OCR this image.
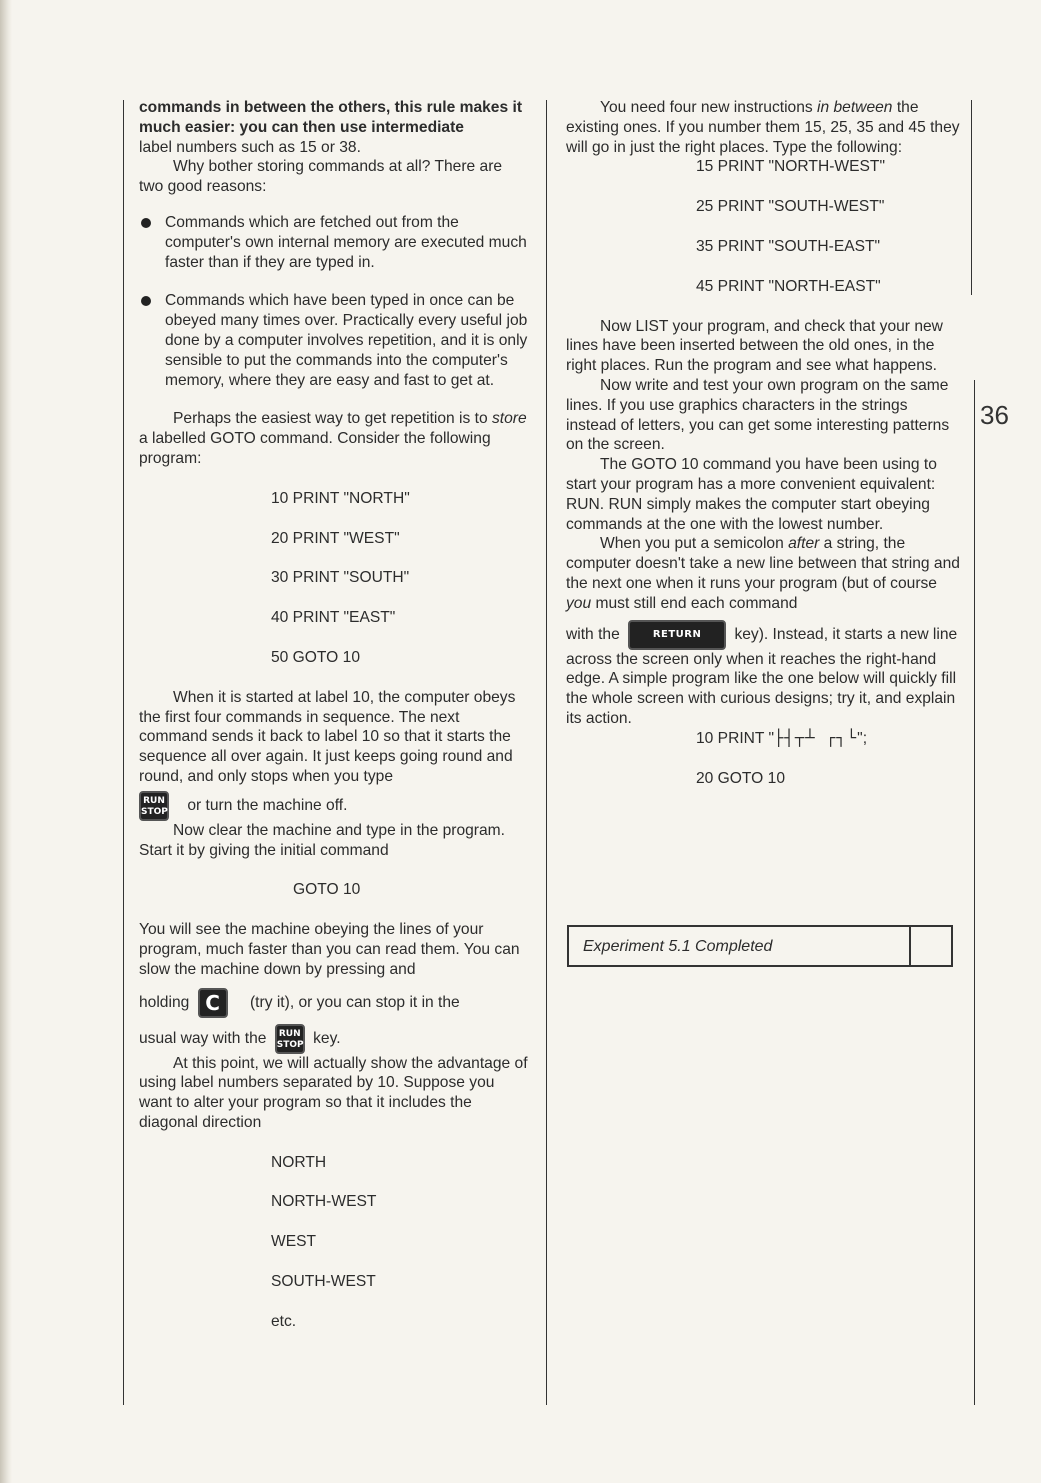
36

commands in between the others, this rule makes it much easier: you can then use intermediate

label numbers such as 15 or 38.

Why bother storing commands at all? There are two good reasons:

Commands which are fetched out from the computer's own internal memory are executed much faster than if they are typed in.
Commands which have been typed in once can be obeyed many times over. Practically every useful job done by a computer involves repetition, and it is only sensible to put the commands into the computer's memory, where they are easy and fast to get at.

Perhaps the easiest way to get repetition is to store a labelled GOTO command. Consider the following program:

10 PRINT "NORTH"

20 PRINT "WEST"

30 PRINT "SOUTH"

40 PRINT "EAST"

50 GOTO 10

When it is started at label 10, the computer obeys the first four commands in sequence. The next command sends it back to label 10 so that it starts the sequence all over again. It just keeps going round and round, and only stops when you type

RUN
STOP or turn the machine off.

Now clear the machine and type in the program. Start it by giving the initial command

GOTO 10

You will see the machine obeying the lines of your program, much faster than you can read them. You can slow the machine down by pressing and

holding C (try it), or you can stop it in the

usual way with the RUN
STOP key.

At this point, we will actually show the advantage of using label numbers separated by 10. Suppose you want to alter your program so that it includes the diagonal direction

NORTH

NORTH-WEST

WEST

SOUTH-WEST

etc.

You need four new instructions in between the existing ones. If you number them 15, 25, 35 and 45 they will go in just the right places. Type the following:

15 PRINT "NORTH-WEST"

25 PRINT "SOUTH-WEST"

35 PRINT "SOUTH-EAST"

45 PRINT "NORTH-EAST"

Now LIST your program, and check that your new lines have been inserted between the old ones, in the right places. Run the program and see what happens.

Now write and test your own program on the same lines. If you use graphics characters in the strings instead of letters, you can get some interesting patterns on the screen.

The GOTO 10 command you have been using to start your program has a more convenient equivalent: RUN. RUN simply makes the computer start obeying commands at the one with the lowest number.

When you put a semicolon after a string, the computer doesn't take a new line between that string and the next one when it runs your program (but of course you must still end each command

with the	RETURN key). Instead, it starts a new line across the screen only when it reaches the right-hand edge. A simple program like the one below will quickly fill the whole screen with curious designs; try it, and explain its action.

10 PRINT "├┤┬┴ ┌┐└";

20 GOTO 10

Experiment 5.1 Completed
